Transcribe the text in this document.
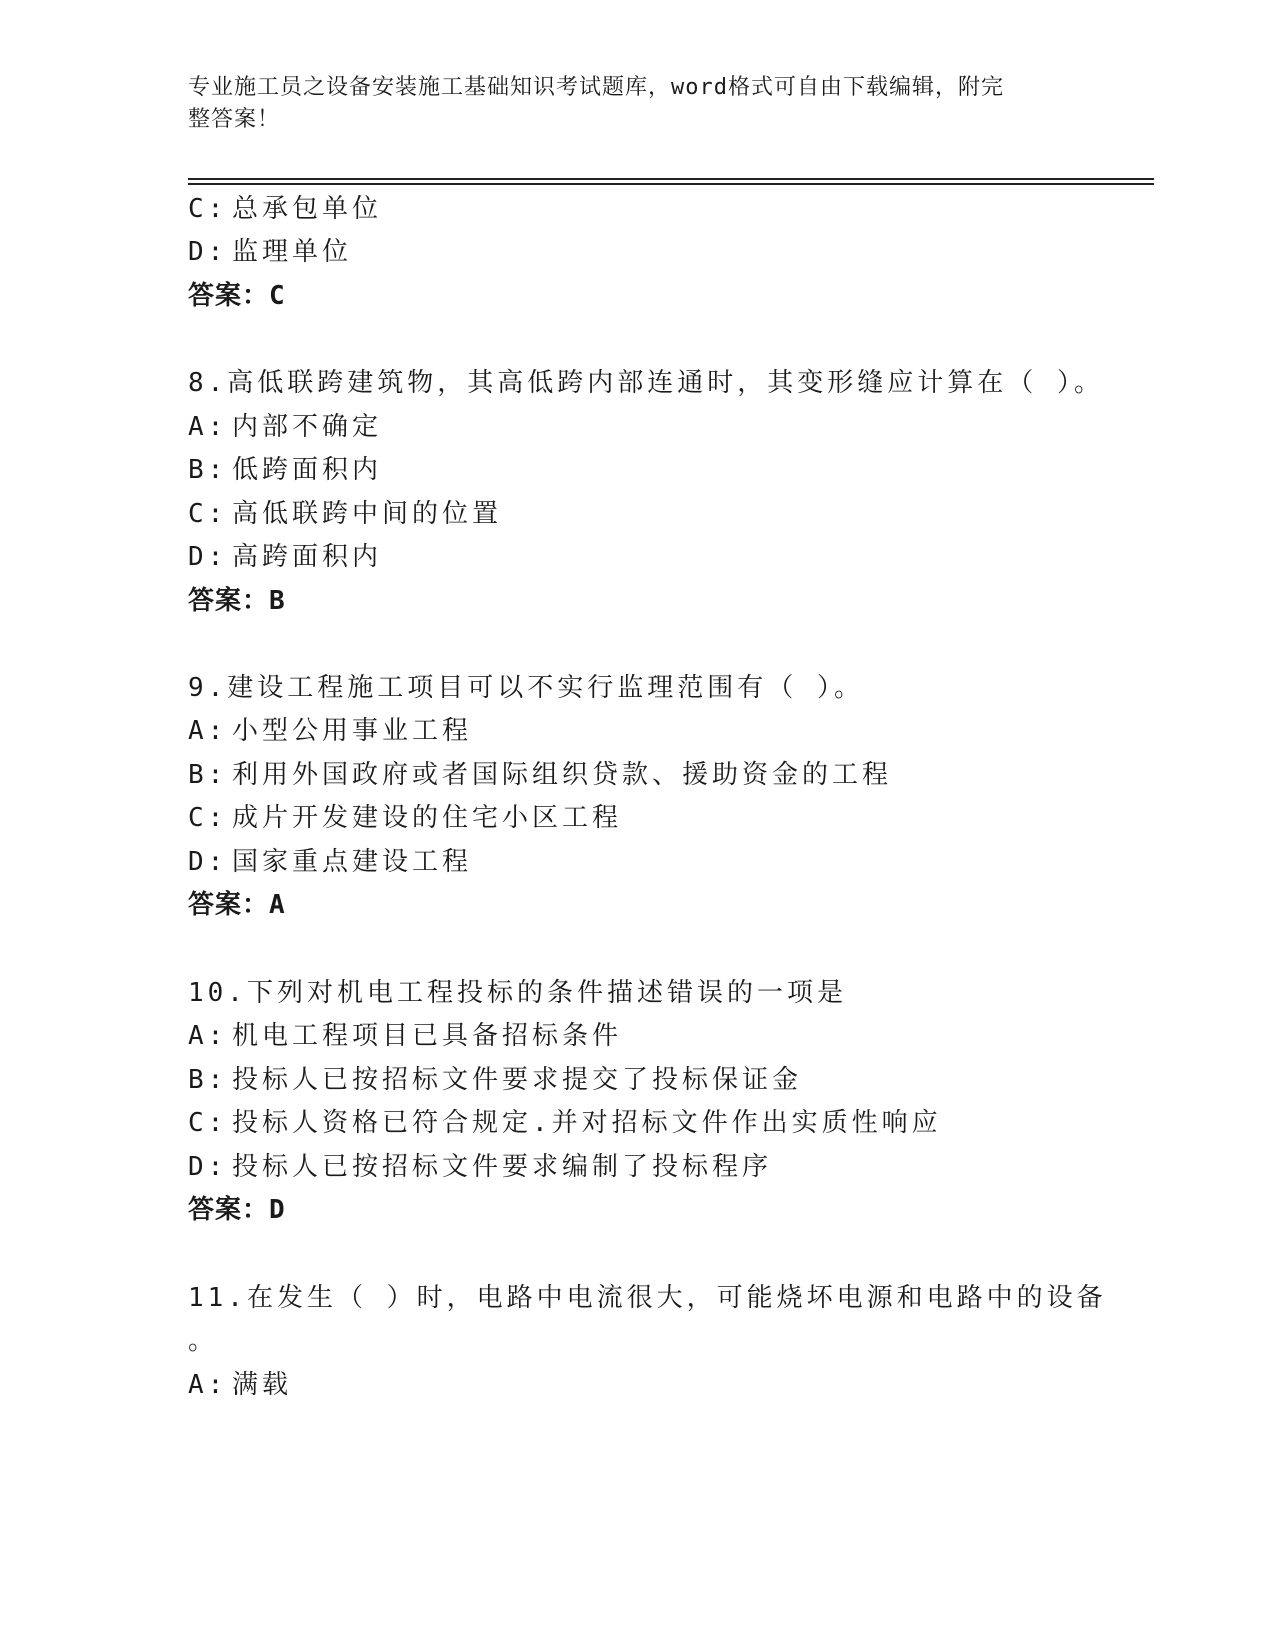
专业施工员之设备安装施工基础知识考试题库，word格式可自由下载编辑，附完
整答案！
C: 总承包单位
D: 监理单位
答案：C
8.高低联跨建筑物，其高低跨内部连通时，其变形缝应计算在（ ）。
A: 内部不确定
B: 低跨面积内
C: 高低联跨中间的位置
D: 高跨面积内
答案：B
9.建设工程施工项目可以不实行监理范围有（ ）。
A: 小型公用事业工程
B: 利用外国政府或者国际组织贷款、援助资金的工程
C: 成片开发建设的住宅小区工程
D: 国家重点建设工程
答案：A
10.下列对机电工程投标的条件描述错误的一项是
A: 机电工程项目已具备招标条件
B: 投标人已按招标文件要求提交了投标保证金
C: 投标人资格已符合规定.并对招标文件作出实质性响应
D: 投标人已按招标文件要求编制了投标程序
答案：D
11.在发生（ ）时，电路中电流很大，可能烧坏电源和电路中的设备
。
A: 满载
